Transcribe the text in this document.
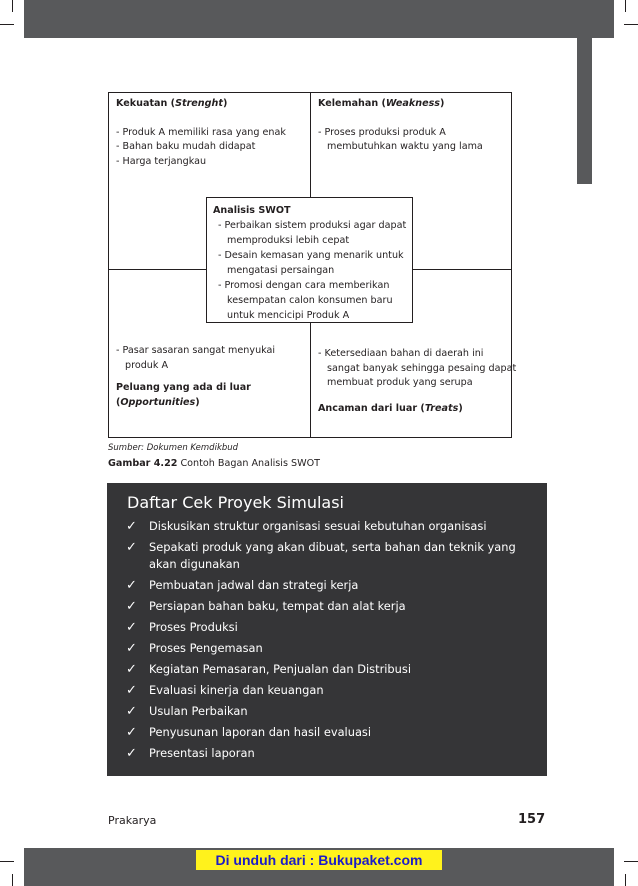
Kekuatan (Strenght)
- Produk A memiliki rasa yang enak
- Bahan baku mudah didapat
- Harga terjangkau
Kelemahan (Weakness)
- Proses produksi produk A
membutuhkan waktu yang lama
- Pasar sasaran sangat menyukai
produk A
Peluang yang ada di luar
(Opportunities)
- Ketersediaan bahan di daerah ini
sangat banyak sehingga pesaing dapat
membuat produk yang serupa
Ancaman dari luar (Treats)
Analisis SWOT
- Perbaikan sistem produksi agar dapat
memproduksi lebih cepat
- Desain kemasan yang menarik untuk
mengatasi persaingan
- Promosi dengan cara memberikan
kesempatan calon konsumen baru
untuk mencicipi Produk A
Sumber: Dokumen Kemdikbud
Gambar 4.22 Contoh Bagan Analisis SWOT
Daftar Cek Proyek Simulasi
✓	Diskusikan struktur organisasi sesuai kebutuhan organisasi
✓	Sepakati produk yang akan dibuat, serta bahan dan teknik yang akan digunakan
✓	Pembuatan jadwal dan strategi kerja
✓	Persiapan bahan baku, tempat dan alat kerja
✓	Proses Produksi
✓	Proses Pengemasan
✓	Kegiatan Pemasaran, Penjualan dan Distribusi
✓	Evaluasi kinerja dan keuangan
✓	Usulan Perbaikan
✓	Penyusunan laporan dan hasil evaluasi
✓	Presentasi laporan
Prakarya	157
Di unduh dari : Bukupaket.com
